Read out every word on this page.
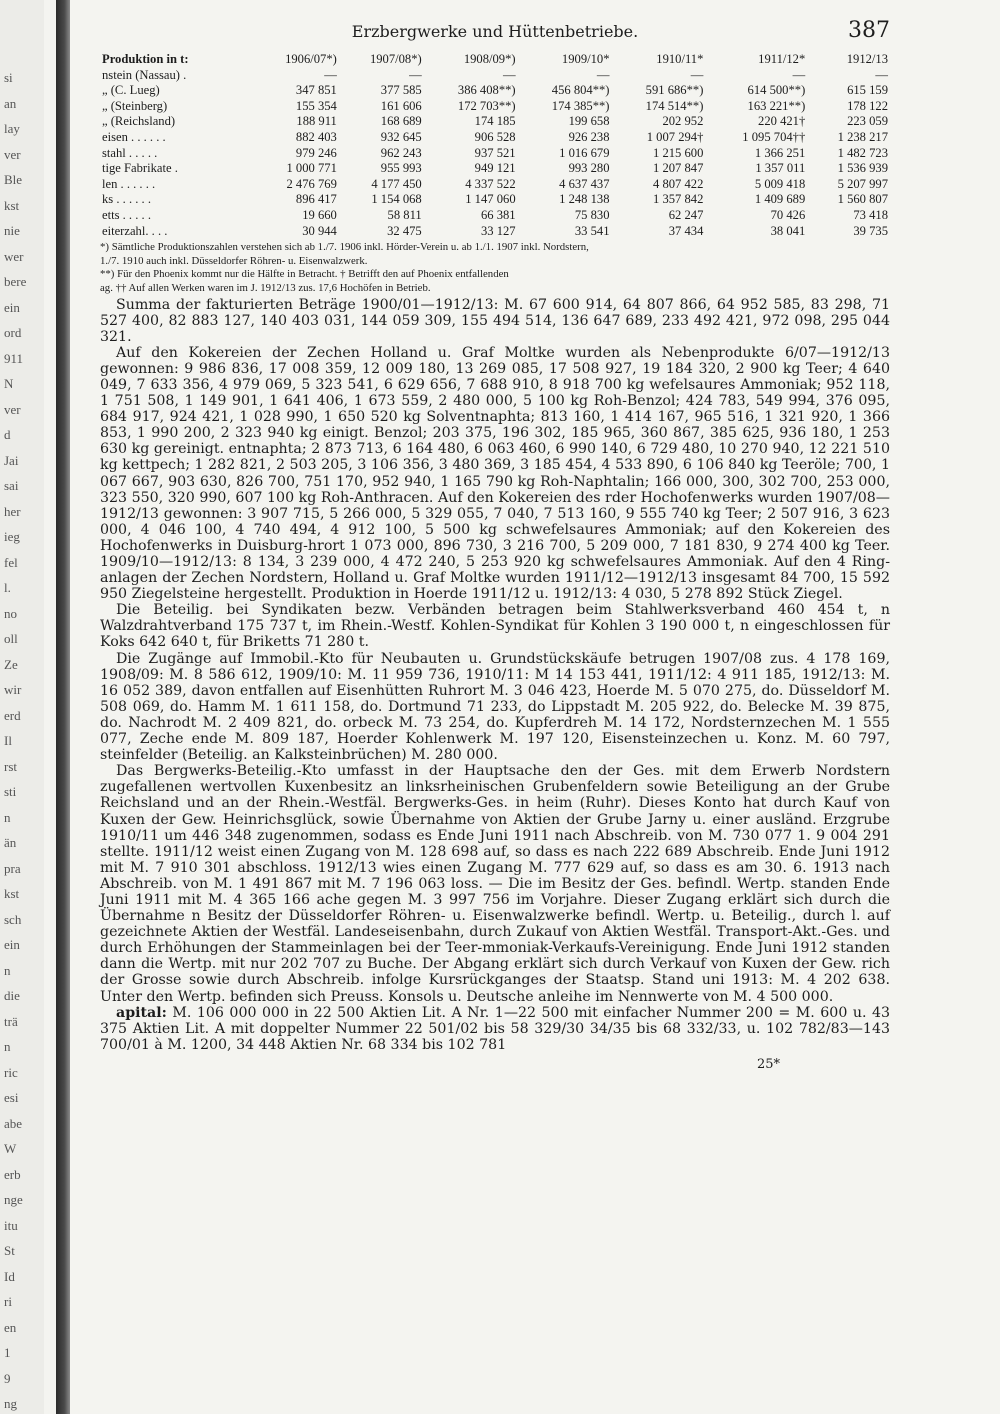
si
an
lay
ver
Ble
kst
nie
wer
bere
ein
ord
911
N
ver
d
Jai
sai
her
ieg
fel
l.
no
oll
Ze
wir
erd
Il
rst
sti
n
än
pra
kst
sch
ein
n
die
trä
n
ric
esi
abe
W
erb
nge
itu
St
Id
ri
en
1
9
ng
Erzbergwerke und Hüttenbetriebe.	387
Produktion in t:	1906/07*)	1907/08*)	1908/09*)	1909/10*	1910/11*	1911/12*	1912/13
nstein (Nassau) .	—	—	—	—	—	—	—
„ (C. Lueg)	347 851	377 585	386 408**)	456 804**)	591 686**)	614 500**)	615 159
„ (Steinberg)	155 354	161 606	172 703**)	174 385**)	174 514**)	163 221**)	178 122
„ (Reichsland)	188 911	168 689	174 185	199 658	202 952	220 421†	223 059
eisen . . . . . .	882 403	932 645	906 528	926 238	1 007 294†	1 095 704††	1 238 217
stahl . . . . .	979 246	962 243	937 521	1 016 679	1 215 600	1 366 251	1 482 723
tige Fabrikate .	1 000 771	955 993	949 121	993 280	1 207 847	1 357 011	1 536 939
len . . . . . .	2 476 769	4 177 450	4 337 522	4 637 437	4 807 422	5 009 418	5 207 997
ks . . . . . .	896 417	1 154 068	1 147 060	1 248 138	1 357 842	1 409 689	1 560 807
etts . . . . .	19 660	58 811	66 381	75 830	62 247	70 426	73 418
eiterzahl. . . .	30 944	32 475	33 127	33 541	37 434	38 041	39 735
*) Sämtliche Produktionszahlen verstehen sich ab 1./7. 1906 inkl. Hörder-Verein u. ab 1./1. 1907 inkl. Nordstern,
1./7. 1910 auch inkl. Düsseldorfer Röhren- u. Eisenwalzwerk.
**) Für den Phoenix kommt nur die Hälfte in Betracht. † Betrifft den auf Phoenix entfallenden
ag. †† Auf allen Werken waren im J. 1912/13 zus. 17,6 Hochöfen in Betrieb.

Summa der fakturierten Beträge 1900/01—1912/13: M. 67 600 914, 64 807 866, 64 952 585, 83 298, 71 527 400, 82 883 127, 140 403 031, 144 059 309, 155 494 514, 136 647 689, 233 492 421, 972 098, 295 044 321.

Auf den Kokereien der Zechen Holland u. Graf Moltke wurden als Nebenprodukte 6/07—1912/13 gewonnen: 9 986 836, 17 008 359, 12 009 180, 13 269 085, 17 508 927, 19 184 320, 2 900 kg Teer; 4 640 049, 7 633 356, 4 979 069, 5 323 541, 6 629 656, 7 688 910, 8 918 700 kg wefelsaures Ammoniak; 952 118, 1 751 508, 1 149 901, 1 641 406, 1 673 559, 2 480 000, 5 100 kg Roh-Benzol; 424 783, 549 994, 376 095, 684 917, 924 421, 1 028 990, 1 650 520 kg Solventnaphta; 813 160, 1 414 167, 965 516, 1 321 920, 1 366 853, 1 990 200, 2 323 940 kg einigt. Benzol; 203 375, 196 302, 185 965, 360 867, 385 625, 936 180, 1 253 630 kg gereinigt. entnaphta; 2 873 713, 6 164 480, 6 063 460, 6 990 140, 6 729 480, 10 270 940, 12 221 510 kg kettpech; 1 282 821, 2 503 205, 3 106 356, 3 480 369, 3 185 454, 4 533 890, 6 106 840 kg Teeröle; 700, 1 067 667, 903 630, 826 700, 751 170, 952 940, 1 165 790 kg Roh-Naphtalin; 166 000, 300, 302 700, 253 000, 323 550, 320 990, 607 100 kg Roh-Anthracen. Auf den Kokereien des rder Hochofenwerks wurden 1907/08—1912/13 gewonnen: 3 907 715, 5 266 000, 5 329 055, 7 040, 7 513 160, 9 555 740 kg Teer; 2 507 916, 3 623 000, 4 046 100, 4 740 494, 4 912 100, 5 500 kg schwefelsaures Ammoniak; auf den Kokereien des Hochofenwerks in Duisburg-hrort 1 073 000, 896 730, 3 216 700, 5 209 000, 7 181 830, 9 274 400 kg Teer. 1909/10—1912/13: 8 134, 3 239 000, 4 472 240, 5 253 920 kg schwefelsaures Ammoniak. Auf den 4 Ring-anlagen der Zechen Nordstern, Holland u. Graf Moltke wurden 1911/12—1912/13 insgesamt 84 700, 15 592 950 Ziegelsteine hergestellt. Produktion in Hoerde 1911/12 u. 1912/13: 4 030, 5 278 892 Stück Ziegel.

Die Beteilig. bei Syndikaten bezw. Verbänden betragen beim Stahlwerksverband 460 454 t, n Walzdrahtverband 175 737 t, im Rhein.-Westf. Kohlen-Syndikat für Kohlen 3 190 000 t, n eingeschlossen für Koks 642 640 t, für Briketts 71 280 t.

Die Zugänge auf Immobil.-Kto für Neubauten u. Grundstückskäufe betrugen 1907/08 zus. 4 178 169, 1908/09: M. 8 586 612, 1909/10: M. 11 959 736, 1910/11: M 14 153 441, 1911/12: 4 911 185, 1912/13: M. 16 052 389, davon entfallen auf Eisenhütten Ruhrort M. 3 046 423, Hoerde M. 5 070 275, do. Düsseldorf M. 508 069, do. Hamm M. 1 611 158, do. Dortmund 71 233, do Lippstadt M. 205 922, do. Belecke M. 39 875, do. Nachrodt M. 2 409 821, do. orbeck M. 73 254, do. Kupferdreh M. 14 172, Nordsternzechen M. 1 555 077, Zeche ende M. 809 187, Hoerder Kohlenwerk M. 197 120, Eisensteinzechen u. Konz. M. 60 797, steinfelder (Beteilig. an Kalksteinbrüchen) M. 280 000.

Das Bergwerks-Beteilig.-Kto umfasst in der Hauptsache den der Ges. mit dem Erwerb Nordstern zugefallenen wertvollen Kuxenbesitz an linksrheinischen Grubenfeldern sowie Beteiligung an der Grube Reichsland und an der Rhein.-Westfäl. Bergwerks-Ges. in heim (Ruhr). Dieses Konto hat durch Kauf von Kuxen der Gew. Heinrichsglück, sowie Übernahme von Aktien der Grube Jarny u. einer ausländ. Erzgrube 1910/11 um 446 348 zugenommen, sodass es Ende Juni 1911 nach Abschreib. von M. 730 077 1. 9 004 291 stellte. 1911/12 weist einen Zugang von M. 128 698 auf, so dass es nach 222 689 Abschreib. Ende Juni 1912 mit M. 7 910 301 abschloss. 1912/13 wies einen Zugang M. 777 629 auf, so dass es am 30. 6. 1913 nach Abschreib. von M. 1 491 867 mit M. 7 196 063 loss. — Die im Besitz der Ges. befindl. Wertp. standen Ende Juni 1911 mit M. 4 365 166 ache gegen M. 3 997 756 im Vorjahre. Dieser Zugang erklärt sich durch die Übernahme n Besitz der Düsseldorfer Röhren- u. Eisenwalzwerke befindl. Wertp. u. Beteilig., durch l. auf gezeichnete Aktien der Westfäl. Landeseisenbahn, durch Zukauf von Aktien Westfäl. Transport-Akt.-Ges. und durch Erhöhungen der Stammeinlagen bei der Teer-mmoniak-Verkaufs-Vereinigung. Ende Juni 1912 standen dann die Wertp. mit nur 202 707 zu Buche. Der Abgang erklärt sich durch Verkauf von Kuxen der Gew. rich der Grosse sowie durch Abschreib. infolge Kursrückganges der Staatsp. Stand uni 1913: M. 4 202 638. Unter den Wertp. befinden sich Preuss. Konsols u. Deutsche anleihe im Nennwerte von M. 4 500 000.

apital: M. 106 000 000 in 22 500 Aktien Lit. A Nr. 1—22 500 mit einfacher Nummer 200 = M. 600 u. 43 375 Aktien Lit. A mit doppelter Nummer 22 501/02 bis 58 329/30 34/35 bis 68 332/33, u. 102 782/83—143 700/01 à M. 1200, 34 448 Aktien Nr. 68 334 bis 102 781

25*
